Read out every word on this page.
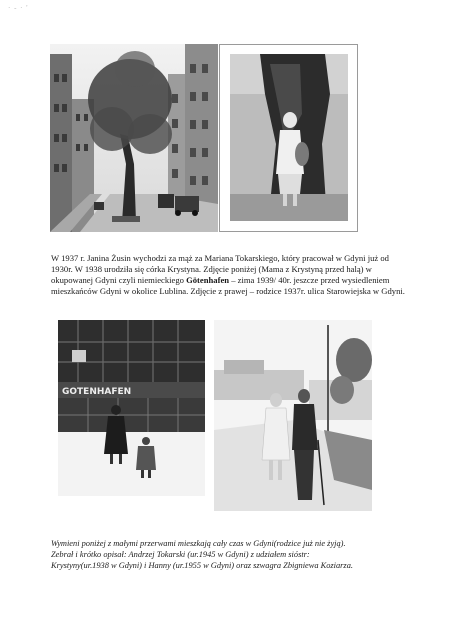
· - · '
W 1937 r. Janina Żusin wychodzi za mąż za Mariana Tokarskiego, który pracował w Gdyni już od 1930r. W 1938 urodziła się córka Krystyna. Zdjęcie poniżej (Mama z Krystyną przed halą) w okupowanej Gdyni czyli niemieckiego Götenhafen – zima 1939/ 40r. jeszcze przed wysiedleniem mieszkańców Gdyni w okolice Lublina. Zdjęcie z prawej – rodzice 1937r. ulica Starowiejska w Gdyni.
GOTENHAFEN
Wymieni poniżej z małymi przerwami mieszkają cały czas w Gdyni(rodzice już nie żyją).
Zebrał i krótko opisał: Andrzej Tokarski (ur.1945 w Gdyni) z udziałem sióstr:
Krystyny(ur.1938 w Gdyni) i Hanny (ur.1955 w Gdyni) oraz szwagra Zbigniewa Koziarza.
